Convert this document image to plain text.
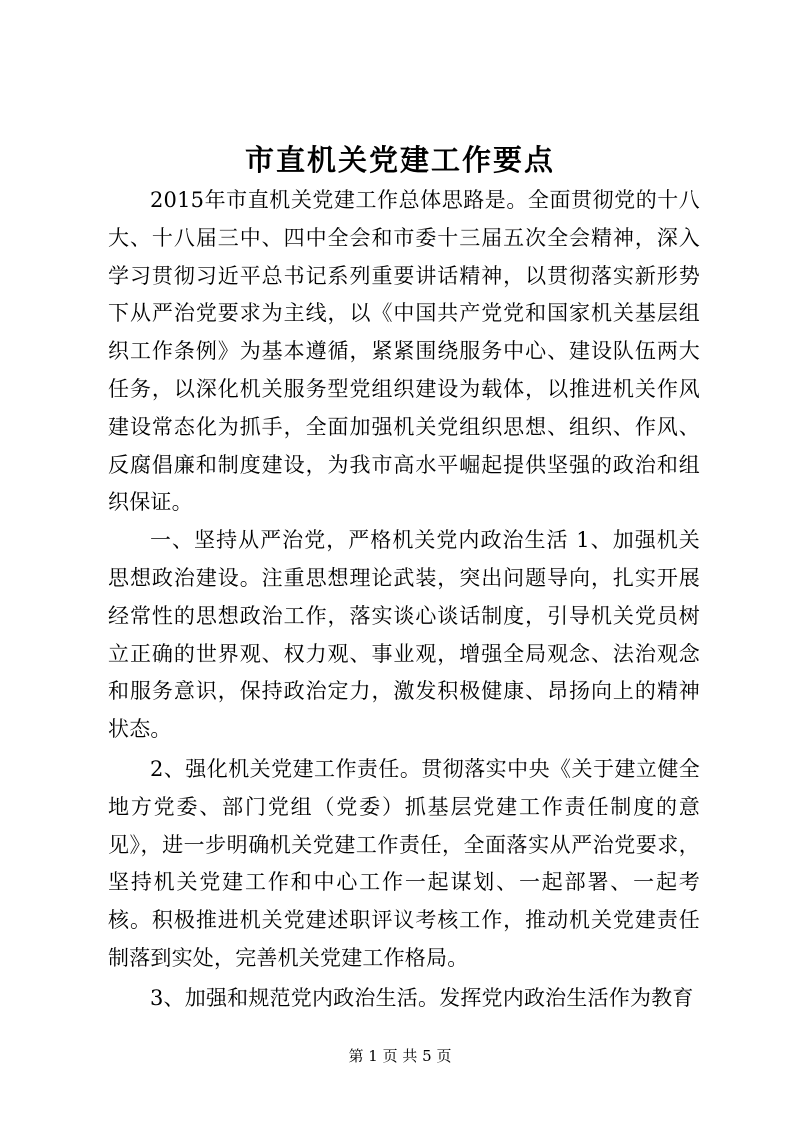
市直机关党建工作要点

2015年市直机关党建工作总体思路是。全面贯彻党的十八大、十八届三中、四中全会和市委十三届五次全会精神，深入学习贯彻习近平总书记系列重要讲话精神，以贯彻落实新形势下从严治党要求为主线，以《中国共产党党和国家机关基层组织工作条例》为基本遵循，紧紧围绕服务中心、建设队伍两大任务，以深化机关服务型党组织建设为载体，以推进机关作风建设常态化为抓手，全面加强机关党组织思想、组织、作风、反腐倡廉和制度建设，为我市高水平崛起提供坚强的政治和组织保证。

一、坚持从严治党，严格机关党内政治生活 1、加强机关思想政治建设。注重思想理论武装，突出问题导向，扎实开展经常性的思想政治工作，落实谈心谈话制度，引导机关党员树立正确的世界观、权力观、事业观，增强全局观念、法治观念和服务意识，保持政治定力，激发积极健康、昂扬向上的精神状态。

2、强化机关党建工作责任。贯彻落实中央《关于建立健全地方党委、部门党组（党委）抓基层党建工作责任制度的意见》，进一步明确机关党建工作责任，全面落实从严治党要求，坚持机关党建工作和中心工作一起谋划、一起部署、一起考核。积极推进机关党建述职评议考核工作，推动机关党建责任制落到实处，完善机关党建工作格局。

3、加强和规范党内政治生活。发挥党内政治生活作为教育

第 1 页 共 5 页
